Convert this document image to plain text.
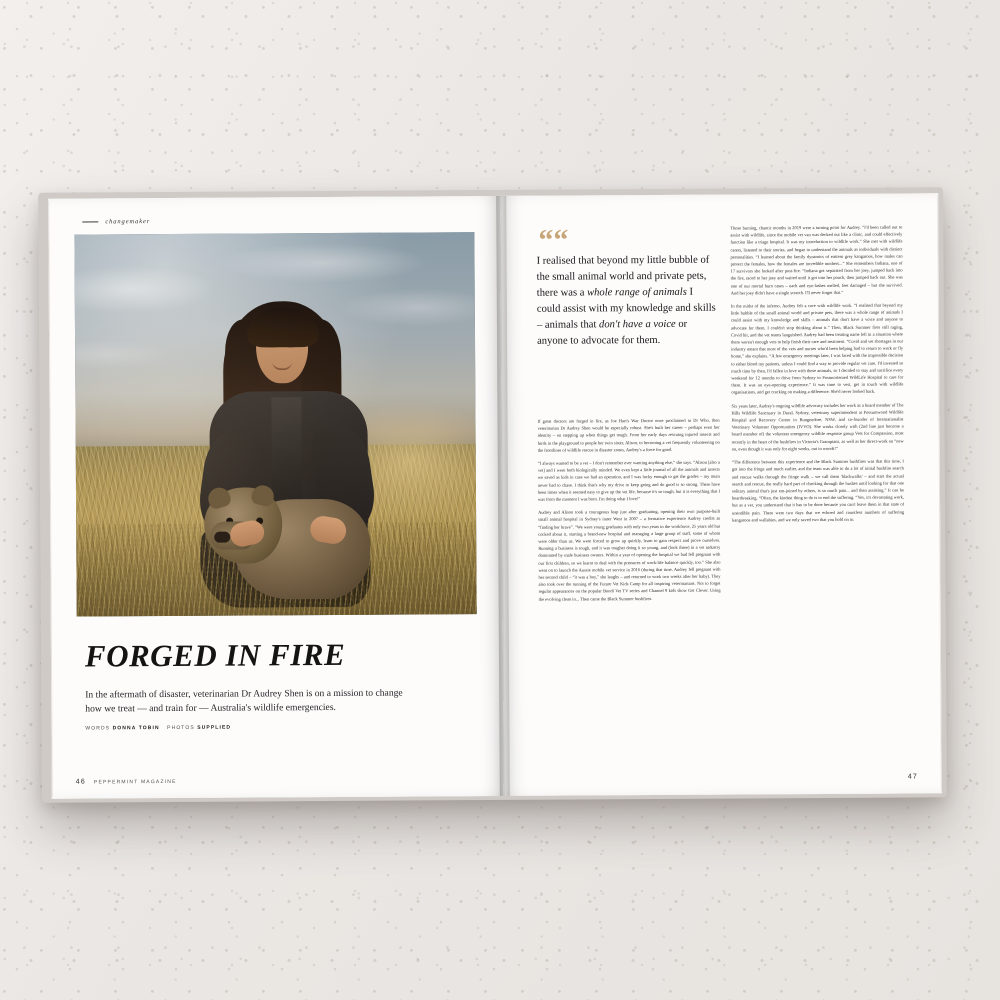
changemaker
FORGED IN FIRE
In the aftermath of disaster, veterinarian Dr Audrey Shen is on a mission to change how we treat — and train for — Australia's wildlife emergencies.
WORDS DONNA TOBIN PHOTOS SUPPLIED
46 PEPPERMINT MAGAZINE
““
I realised that beyond my little bubble of the small animal world and private pets, there was a whole range of animals I could assist with my knowledge and skills – animals that don't have a voice or anyone to advocate for them.

If great doctors are forged in fire, as Joe Hart's War Doctor once proclaimed in Dr Who, then veterinarian Dr Audrey Shen would be especially robust. She's built her career – perhaps even her identity – on stepping up when things get tough. From her early days rescuing injured insects and birds in the playground to people her twin sister, Alison, to becoming a vet frequently volunteering on the frontlines of wildlife rescue in disaster zones, Audrey's a force for good.

“I always wanted to be a vet – I don't remember ever wanting anything else,” she says. “Alison [also a vet] and I were both biologically minded. We even kept a little journal of all the animals and insects we saved as kids in case we had an operation, and I was lucky enough to get the grades – my mum never had to chase. I think that's why my drive to keep going and do good is so strong. There have been times when it seemed easy to give up the vet life, because it's so tough, but it is everything that I was from the moment I was born. I'm doing what I love!”

Audrey and Alison took a courageous leap just after graduating, opening their own purpose-built small animal hospital in Sydney's inner West in 2007 – a formative experience Audrey credits as “finding her brave”. “We were young graduates with only two years in the workforce, 25 years old but cocked about it, starting a brand-new hospital and managing a large group of staff, some of whom were older than us. We were forced to grow up quickly, learn to gain respect and prove ourselves. Running a business is tough, and it was tougher doing it so young, and (look there) in a vet industry dominated by male business owners. Within a year of opening the hospital we had fell pregnant with our first children, so we learnt to deal with the pressures of work-life balance quickly, too.” She also went on to launch the Aussie mobile vet service in 2016 (during that time, Audrey fell pregnant with her second child – “it was a boy,” she laughs – and returned to work two weeks after her baby). They also took over the running of the Future Vet Kids Camp for all inspiring veterinarians. Not to forget regular appearances on the popular Bondi Vet TV series and Channel 9 kids show Get Clever. Using the evolving clean in... Then came the Black Summer bushfires.

Those burning, chaotic months in 2019 were a turning point for Audrey. “I'd been called out to assist with wildlife, since the mobile vet van was decked out like a clinic, and could effectively function like a triage hospital. It was my introduction to wildlife work.” She met with wildlife carers, listened to their stories, and began to understand the animals as individuals with distinct personalities. “I learned about the family dynamics of eastern grey kangaroos, how males can protect the females, how the females are incredible mothers...” She remembers Indiana, one of 17 survivors she looked after post-fire. “Indiana got separated from her joey, jumped back into the fire, raced to her joey and waited until it got into her pouch, then jumped back out. She was one of our mortal burn cases – each and eye-lashes melted, feet damaged – but she survived. And her joey didn't have a single scratch. I'll never forget that.”

In the midst of the inferno, Audrey felt a core with wildlife work. “I realised that beyond my little bubble of the small animal world and private pets, there was a whole range of animals I could assist with my knowledge and skills – animals that don't have a voice and anyone to advocate for them. I couldn't stop thinking about it.” Then, Black Summer fires still raging, Covid hit, and the vet teams languished. Audrey had been treating name left in a situation where there weren't enough vets to help finish their care and treatment. “Covid and vet shortages in our industry meant that most of the vets and nurses who'd been helping had to return to work or fly home,” she explains. “A few emergency meetings later, I was faced with the impossible decision to either blood my patients, unless I could find a way to provide regular vet care. I'd invested so much time by then, I'd fallen in love with these animals, so I decided to stay and sacrifice every weekend for 12 months to drive from Sydney to Postmortemed WildLife Hospital to care for them. It was an eye-opening experience.” It was time to vest, get in touch with wildlife organisations, and get cracking on making a difference. She'd never looked back.

Six years later, Audrey's ongoing wildlife advocacy includes her work as a board member of The Hills Wildlife Sanctuary in Dural, Sydney, veterinary superintendent at Possumwood Wildlife Hospital and Recovery Centre in Bungendore, NSW, and co-founder of Internationalist Veterinary Volunteer Opportunities (IVVO). She works closely with (2nd line just become a board member of) the volunteer emergency wildlife response group Vets for Compassion, most recently in the heart of the bushfires in Victoria's Grampians, as well as her direct-work on “new on, even though it was only for eight weeks, out in woods!”

“The difference between this experience and the Black Summer bushfires was that this time, I got into the fringe and much earlier, and the team was able to do a lot of initial bushfire search and rescue walks through the fringe walk – we call them 'blackwalks' – and start the actual search and rescue, the really hard part of checking through the bushes until looking for that one solitary animal that's just em-joined by others, is so much pain... and then assisting.” It can be heartbreaking. “Often, the kindest thing to do is to end the suffering. “Yes, it's devastating work, but as a vet, you understand that it has to be done because you can't leave them in that state of unendible pain. There were two days that we echoed and countless numbers of suffering kangaroos and wallabies, and we only saved two that you hold on to.

47
